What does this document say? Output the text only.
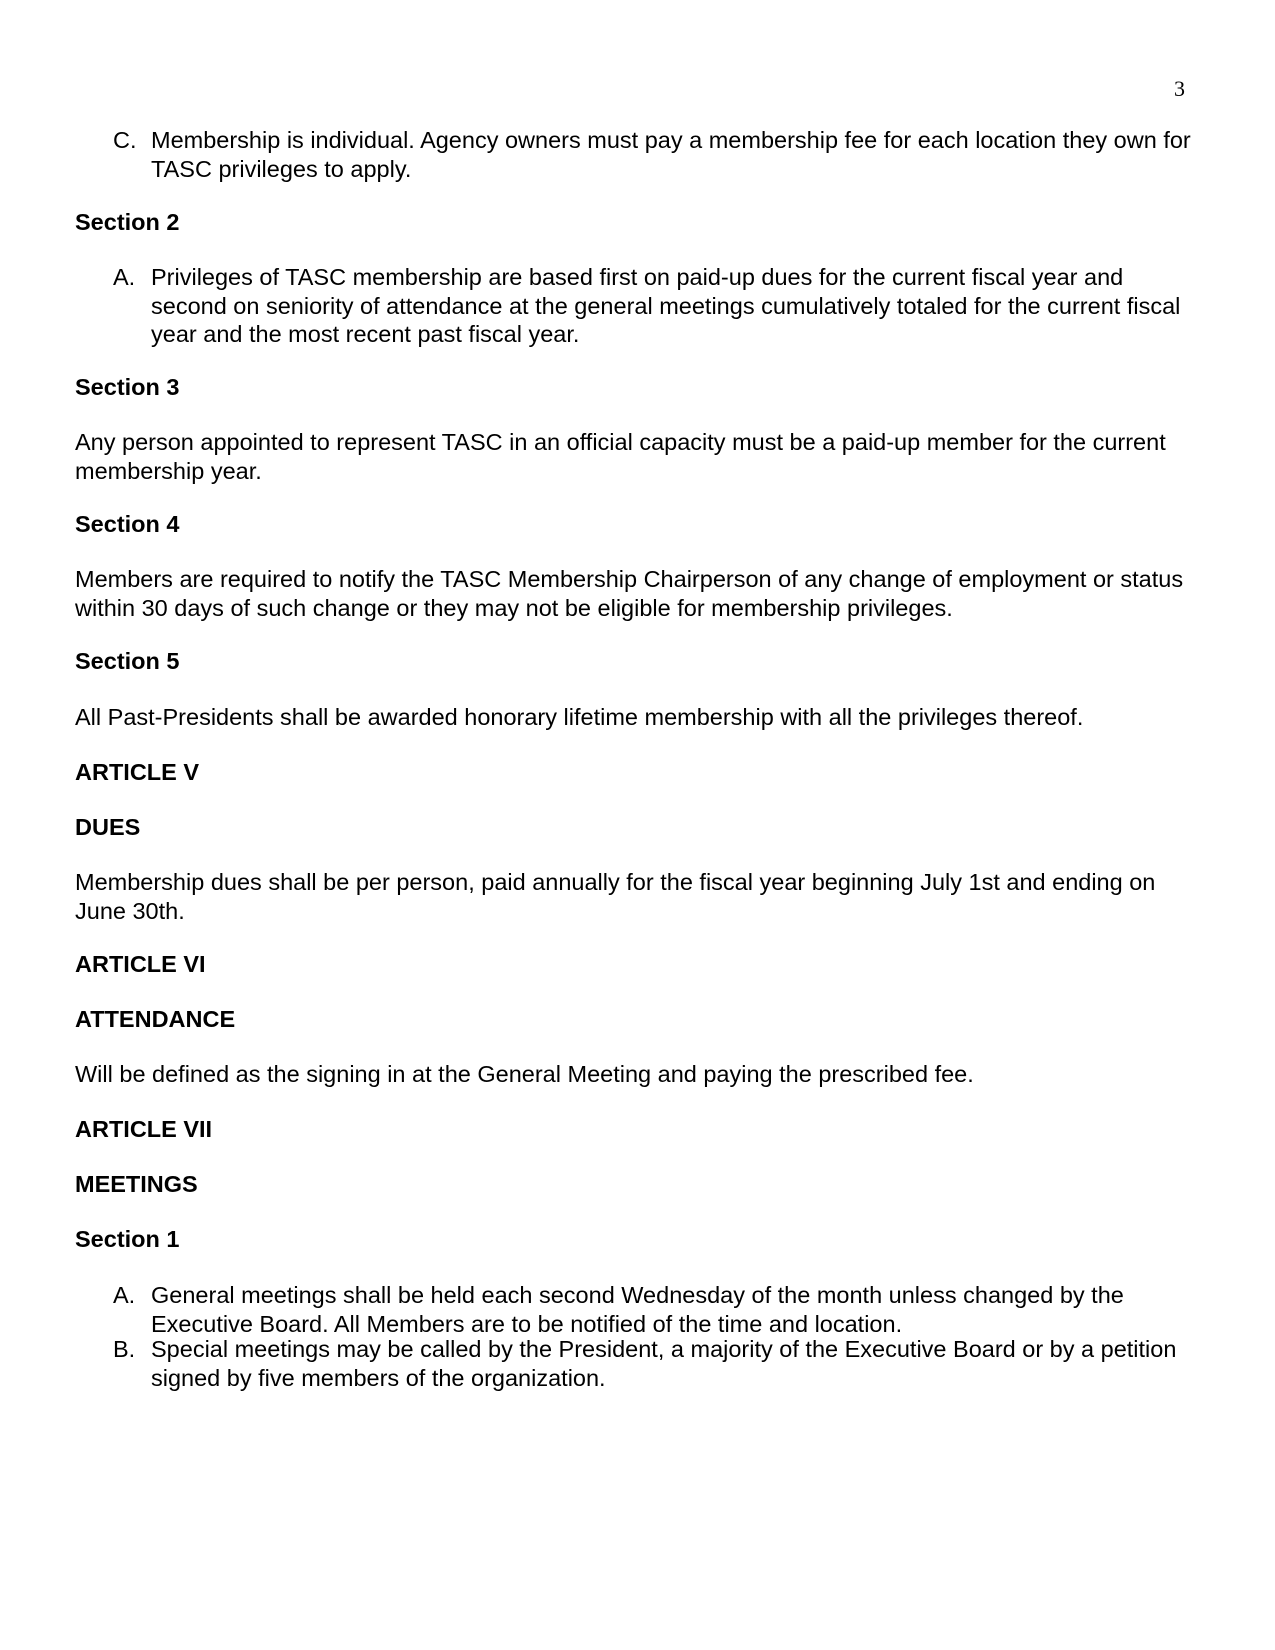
3
C. Membership is individual. Agency owners must pay a membership fee for each location they own for TASC privileges to apply.
Section 2
A. Privileges of TASC membership are based first on paid-up dues for the current fiscal year and second on seniority of attendance at the general meetings cumulatively totaled for the current fiscal year and the most recent past fiscal year.
Section 3
Any person appointed to represent TASC in an official capacity must be a paid-up member for the current membership year.
Section 4
Members are required to notify the TASC Membership Chairperson of any change of employment or status within 30 days of such change or they may not be eligible for membership privileges.
Section 5
All Past-Presidents shall be awarded honorary lifetime membership with all the privileges thereof.
ARTICLE V
DUES
Membership dues shall be per person, paid annually for the fiscal year beginning July 1st and ending on June 30th.
ARTICLE VI
ATTENDANCE
Will be defined as the signing in at the General Meeting and paying the prescribed fee.
ARTICLE VII
MEETINGS
Section 1
A. General meetings shall be held each second Wednesday of the month unless changed by the Executive Board. All Members are to be notified of the time and location.
B. Special meetings may be called by the President, a majority of the Executive Board or by a petition signed by five members of the organization.
